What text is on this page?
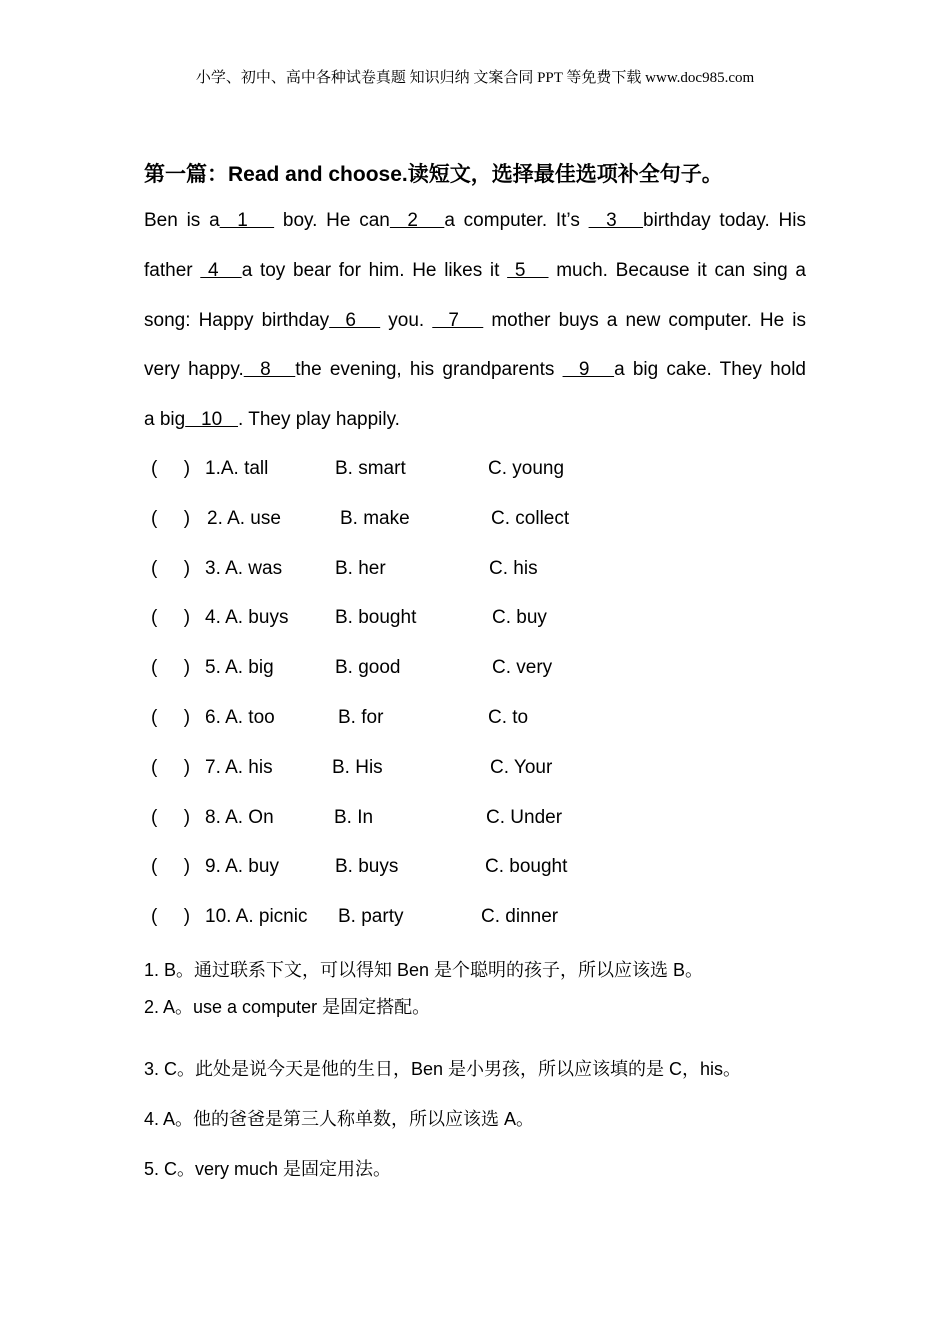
小学、初中、高中各种试卷真题 知识归纳 文案合同 PPT 等免费下载 www.doc985.com
第一篇：Read and choose.读短文，选择最佳选项补全句子。
Ben is a  1    boy. He can  2   a computer. It’s   3   birthday today. His
father  4   a toy bear for him. He likes it  5    much. Because it can sing a
song: Happy birthday  6    you.   7    mother buys a new computer. He is
very happy.  8   the evening, his grandparents   9   a big cake. They hold
a big   10   . They play happily.
(     ) 1.A. tall	B. smart	C. young
(     ) 2. A. use	B. make	C. collect
(     ) 3. A. was	B. her	C. his
(     ) 4. A. buys B. bought	C. buy
(     ) 5. A. big	B. good	C. very
(     ) 6. A. too	B. for	C. to
(     ) 7. A. his	B. His	C. Your
(     ) 8. A. On	B. In	C. Under
(     ) 9. A. buy	B. buys	C. bought
(     ) 10. A. picnic B. party	C. dinner
1. B。通过联系下文，可以得知 Ben 是个聪明的孩子，所以应该选 B。
2. A。use a computer 是固定搭配。
3. C。此处是说今天是他的生日，Ben 是小男孩，所以应该填的是 C，his。
4. A。他的爸爸是第三人称单数，所以应该选 A。
5. C。very much 是固定用法。
